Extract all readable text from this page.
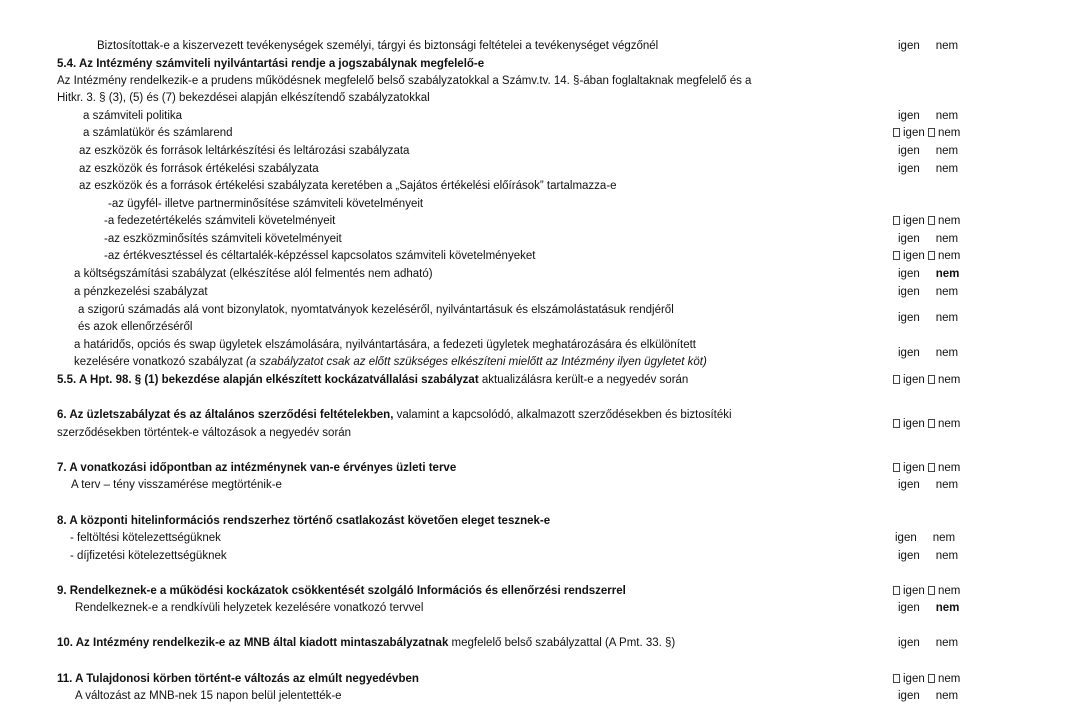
Biztosítottak-e a kiszervezett tevékenységek személyi, tárgyi és biztonsági feltételei a tevékenységet végzőnél	igen nem
5.4. Az Intézmény számviteli nyilvántartási rendje a jogszabálynak megfelelő-e
Az Intézmény rendelkezik-e a prudens működésnek megfelelő belső szabályzatokkal a Számv.tv. 14. §-ában foglaltaknak megfelelő és a
Hitkr. 3. § (3), (5) és (7) bekezdései alapján elkészítendő szabályzatokkal
a számviteli politika	igen nem
a számlatükör és számlarend	igen nem
az eszközök és források leltárkészítési és leltározási szabályzata	igen nem
az eszközök és források értékelési szabályzata	igen nem
az eszközök és a források értékelési szabályzata keretében a „Sajátos értékelési előírások” tartalmazza-e
-az ügyfél- illetve partnerminősítése számviteli követelményeit
-a fedezetértékelés számviteli követelményeit	igen nem
-az eszközminősítés számviteli követelményeit	igen nem
-az értékvesztéssel és céltartalék-képzéssel kapcsolatos számviteli követelményeket	igen nem
a költségszámítási szabályzat (elkészítése alól felmentés nem adható)	igen nem
a pénzkezelési szabályzat	igen nem
a szigorú számadás alá vont bizonylatok, nyomtatványok kezeléséről, nyilvántartásuk és elszámolástatásuk rendjéről
és azok ellenőrzéséről
igen nem
a határidős, opciós és swap ügyletek elszámolására, nyilvántartására, a fedezeti ügyletek meghatározására és elkülönített
kezelésére vonatkozó szabályzat (a szabályzatot csak az előtt szükséges elkészíteni mielőtt az Intézmény ilyen ügyletet köt)
igen nem
5.5. A Hpt. 98. § (1) bekezdése alapján elkészített kockázatvállalási szabályzat aktualizálásra került-e a negyedév során	igen nem
6. Az üzletszabályzat és az általános szerződési feltételekben, valamint a kapcsolódó, alkalmazott szerződésekben és biztosítéki
szerződésekben történtek-e változások a negyedév során
igen nem
7. A vonatkozási időpontban az intézménynek van-e érvényes üzleti terve	igen nem
A terv – tény visszamérése megtörténik-e	igen nem
8. A központi hitelinformációs rendszerhez történő csatlakozást követően eleget tesznek-e
- feltöltési kötelezettségüknek	igen nem
- díjfizetési kötelezettségüknek	igen nem
9. Rendelkeznek-e a működési kockázatok csökkentését szolgáló Információs és ellenőrzési rendszerrel	igen nem
Rendelkeznek-e a rendkívüli helyzetek kezelésére vonatkozó tervvel	igen nem
10. Az Intézmény rendelkezik-e az MNB által kiadott mintaszabályzatnak megfelelő belső szabályzattal (A Pmt. 33. §)	igen nem
11. A Tulajdonosi körben történt-e változás az elmúlt negyedévben	igen nem
A változást az MNB-nek 15 napon belül jelentették-e	igen nem
